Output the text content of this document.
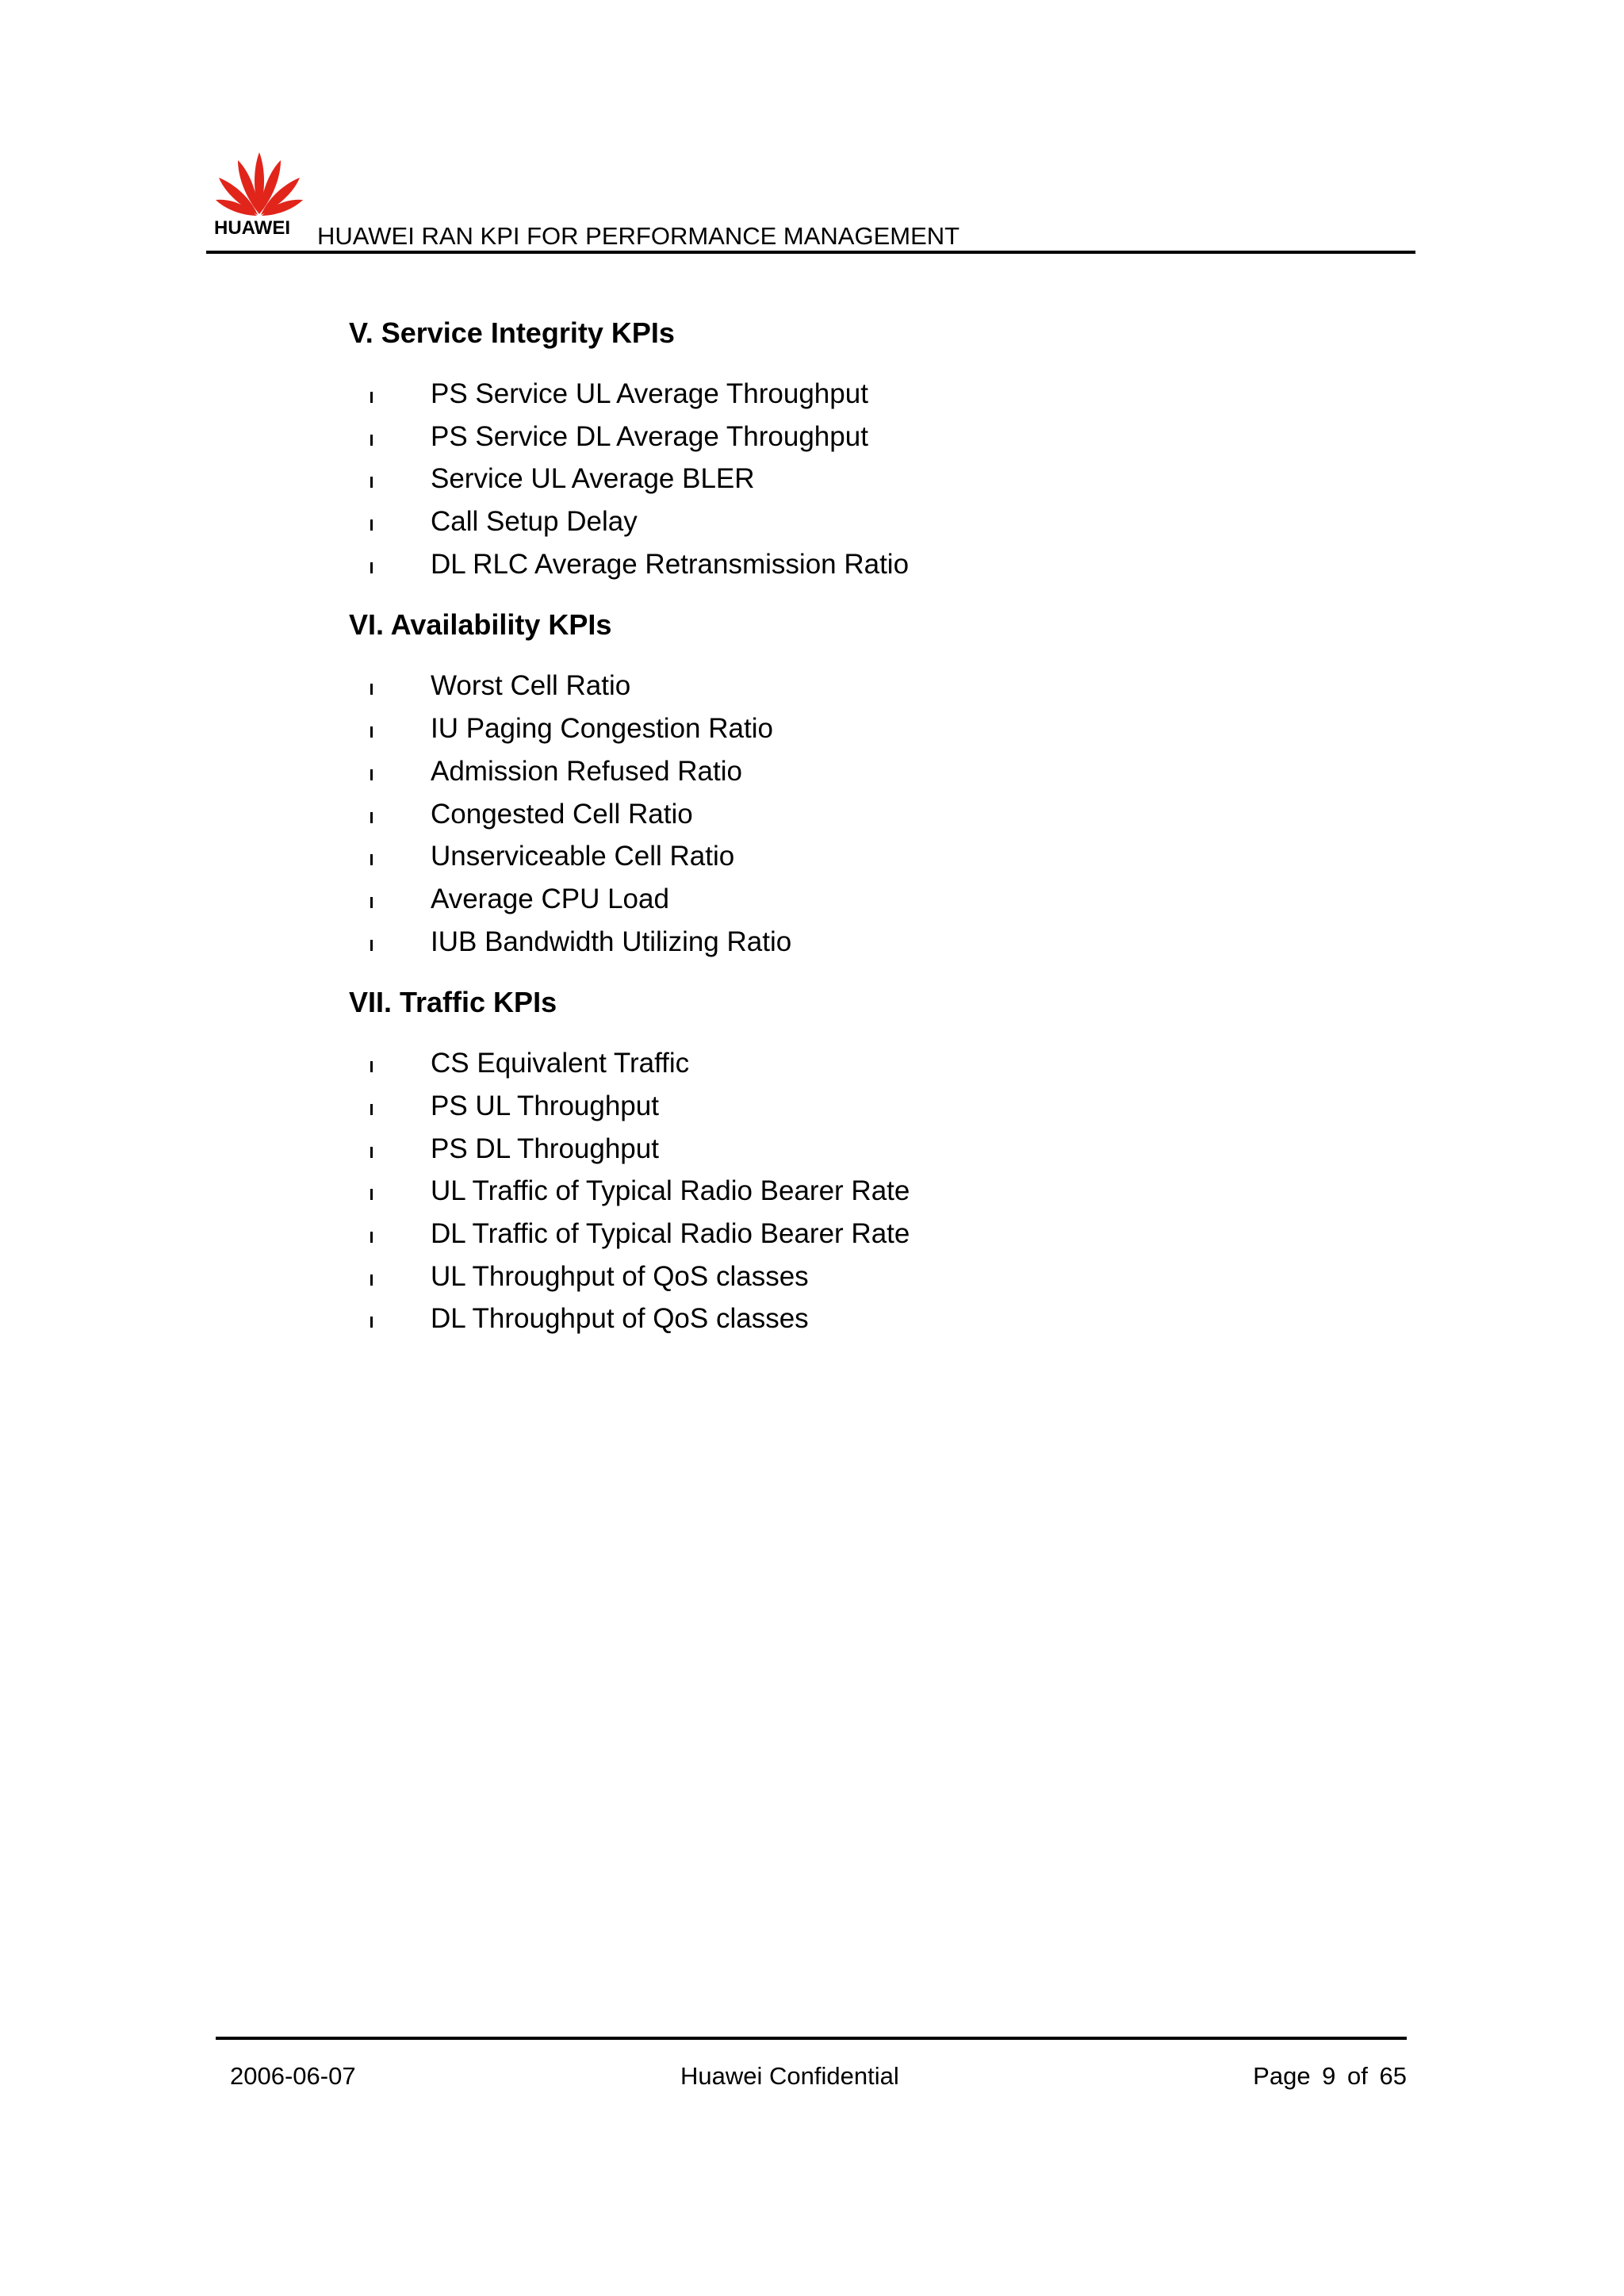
HUAWEI	HUAWEI RAN KPI FOR PERFORMANCE MANAGEMENT
V. Service Integrity KPIs
PS Service UL Average Throughput
PS Service DL Average Throughput
Service UL Average BLER
Call Setup Delay
DL RLC Average Retransmission Ratio
VI. Availability KPIs
Worst Cell Ratio
IU Paging Congestion Ratio
Admission Refused Ratio
Congested Cell Ratio
Unserviceable Cell Ratio
Average CPU Load
IUB Bandwidth Utilizing Ratio
VII. Traffic KPIs
CS Equivalent Traffic
PS UL Throughput
PS DL Throughput
UL Traffic of Typical Radio Bearer Rate
DL Traffic of Typical Radio Bearer Rate
UL Throughput of QoS classes
DL Throughput of QoS classes
2006-06-07	Huawei Confidential	Page 9 of 65
